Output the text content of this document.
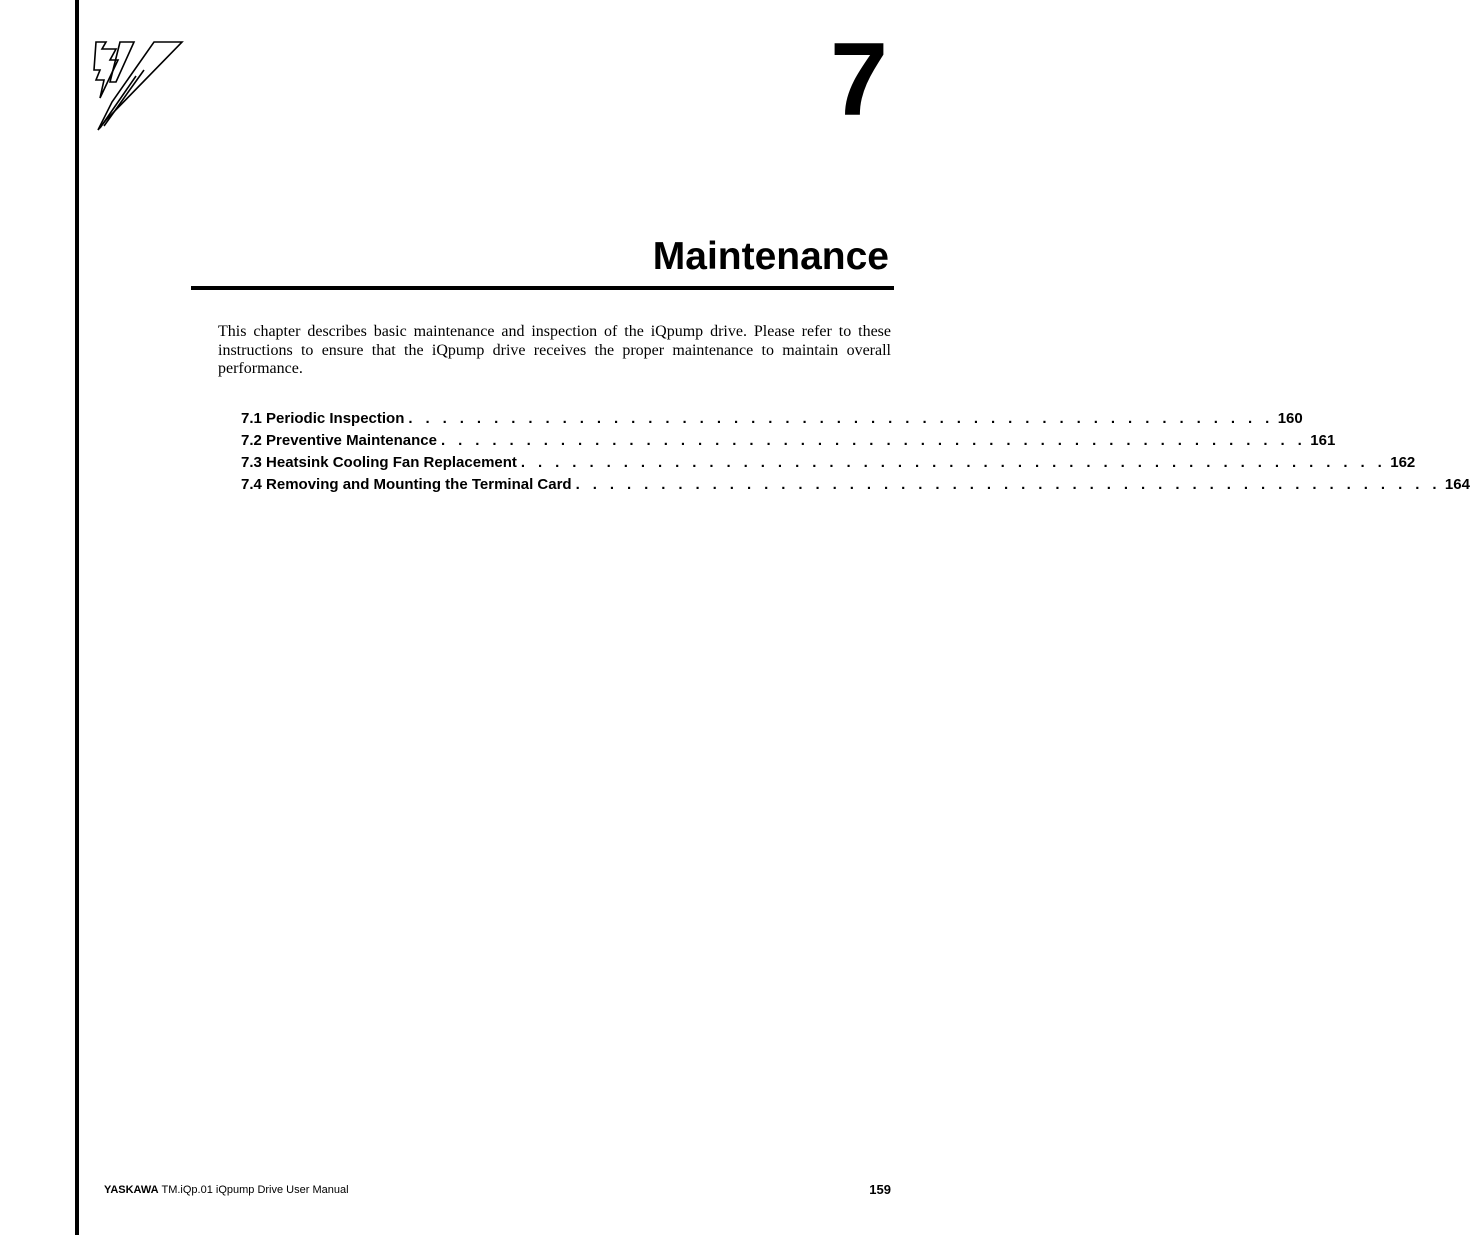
7
Maintenance

This chapter describes basic maintenance and inspection of the iQpump drive. Please refer to these instructions to ensure that the iQpump drive receives the proper maintenance to maintain overall performance.

7.1 Periodic Inspection . . . . . . . . . . . . . . . . . . . . . . . . . . . . . . . . . . . . . . . . . . . . . . . . . . . 160
7.2 Preventive Maintenance . . . . . . . . . . . . . . . . . . . . . . . . . . . . . . . . . . . . . . . . . . . . . . . . . . . 161
7.3 Heatsink Cooling Fan Replacement . . . . . . . . . . . . . . . . . . . . . . . . . . . . . . . . . . . . . . . . . . . . . . . . . . . 162
7.4 Removing and Mounting the Terminal Card . . . . . . . . . . . . . . . . . . . . . . . . . . . . . . . . . . . . . . . . . . . . . . . . . . . 164
YASKAWA TM.iQp.01 iQpump Drive User Manual	159
